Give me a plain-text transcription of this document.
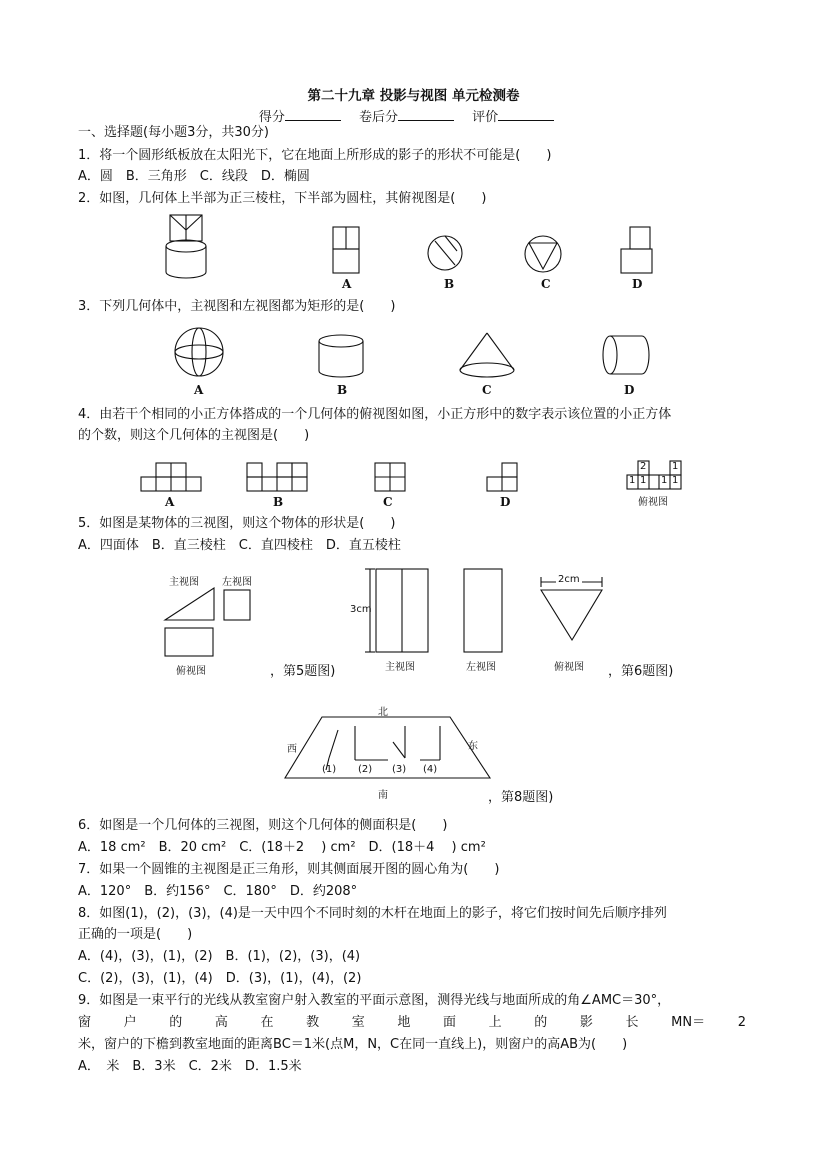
第二十九章 投影与视图 单元检测卷
得分	卷后分	评价
一、选择题(每小题3分，共30分)
1．将一个圆形纸板放在太阳光下，它在地面上所形成的影子的形状不可能是(　　)
A．圆　B．三角形　C．线段　D．椭圆
2．如图，几何体上半部为正三棱柱，下半部为圆柱，其俯视图是(　　)
A	B	C	D
3．下列几何体中，主视图和左视图都为矩形的是(　　)
A	B	C	D
4．由若干个相同的小正方体搭成的一个几何体的俯视图如图，小正方形中的数字表示该位置的小正方体
的个数，则这个几何体的主视图是(　　)
A	B	C	D
2	1
1 1 1 1
俯视图
5．如图是某物体的三视图，则这个物体的形状是(　　)
A．四面体　B．直三棱柱　C．直四棱柱　D．直五棱柱
主视图 左视图
俯视图	，第5题图)
3cm
主视图	左视图
2cm
俯视图 ，第6题图)
北
西	东
(1) (2) (3) (4)
南	，第8题图)
6．如图是一个几何体的三视图，则这个几何体的侧面积是(　　)
A．18 cm²　B．20 cm²　C．(18＋2　 ) cm²　D．(18＋4　 ) cm²
7．如果一个圆锥的主视图是正三角形，则其侧面展开图的圆心角为(　　)
A．120°　B．约156°　C．180°　D．约208°
8．如图(1)，(2)，(3)，(4)是一天中四个不同时刻的木杆在地面上的影子，将它们按时间先后顺序排列
正确的一项是(　　)
A．(4)，(3)，(1)，(2)　B．(1)，(2)，(3)，(4)
C．(2)，(3)，(1)，(4)　D．(3)，(1)，(4)，(2)
9．如图是一束平行的光线从教室窗户射入教室的平面示意图，测得光线与地面所成的角∠AMC＝30°，
窗	户	的	高	在	教	室	地	面	上	的	影	长	MN＝	2
米，窗户的下檐到教室地面的距离BC＝1米(点M，N，C在同一直线上)，则窗户的高AB为(　　)
A．　米　B．3米　C．2米　D．1.5米
